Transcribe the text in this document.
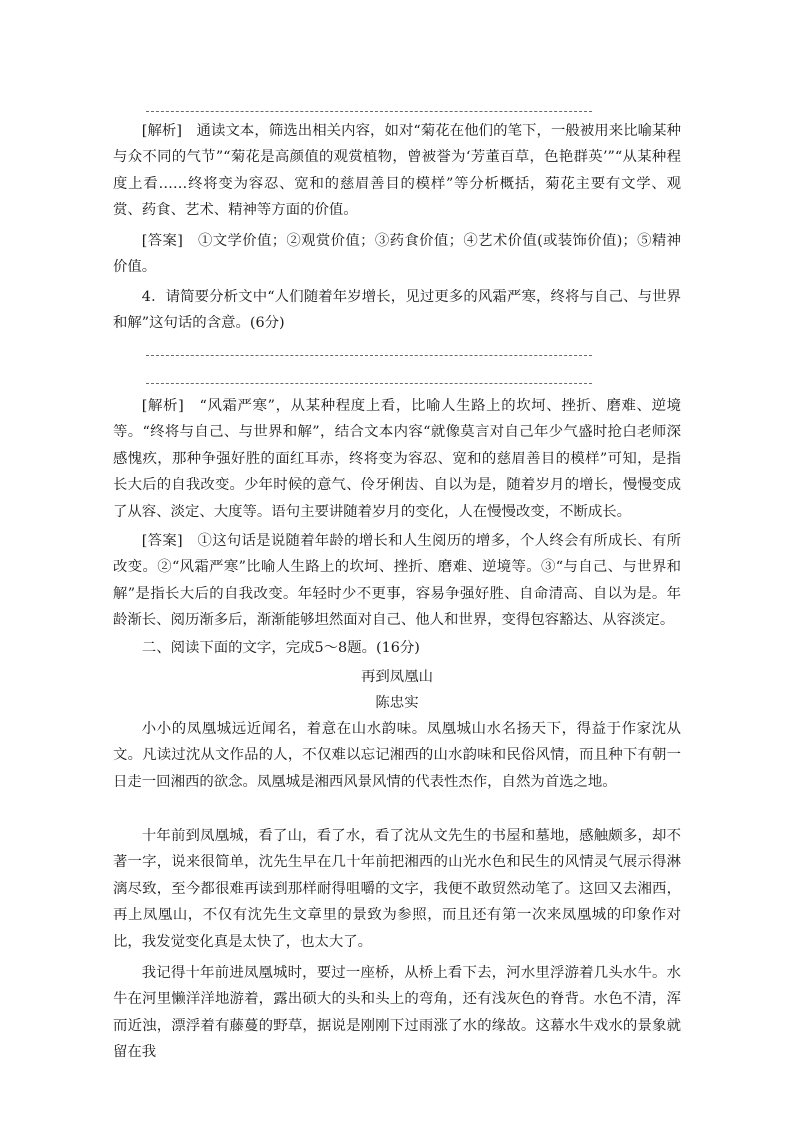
[解析]　通读文本，筛选出相关内容，如对“菊花在他们的笔下，一般被用来比喻某种与众不同的气节”“菊花是高颜值的观赏植物，曾被誉为‘芳董百草，色艳群英’”“从某种程度上看……终将变为容忍、宽和的慈眉善目的模样”等分析概括，菊花主要有文学、观赏、药食、艺术、精神等方面的价值。

[答案]　①文学价值；②观赏价值；③药食价值；④艺术价值(或装饰价值)；⑤精神价值。

4．请简要分析文中“人们随着年岁增长，见过更多的风霜严寒，终将与自己、与世界和解”这句话的含意。(6分)

[解析]　“风霜严寒”，从某种程度上看，比喻人生路上的坎坷、挫折、磨难、逆境等。“终将与自己、与世界和解”，结合文本内容“就像莫言对自己年少气盛时抢白老师深感愧疚，那种争强好胜的面红耳赤，终将变为容忍、宽和的慈眉善目的模样”可知，是指长大后的自我改变。少年时候的意气、伶牙俐齿、自以为是，随着岁月的增长，慢慢变成了从容、淡定、大度等。语句主要讲随着岁月的变化，人在慢慢改变，不断成长。

[答案]　①这句话是说随着年龄的增长和人生阅历的增多，个人终会有所成长、有所改变。②“风霜严寒”比喻人生路上的坎坷、挫折、磨难、逆境等。③“与自己、与世界和解”是指长大后的自我改变。年轻时少不更事，容易争强好胜、自命清高、自以为是。年龄渐长、阅历渐多后，渐渐能够坦然面对自己、他人和世界，变得包容豁达、从容淡定。

二、阅读下面的文字，完成5～8题。(16分)

再到凤凰山

陈忠实

小小的凤凰城远近闻名，着意在山水韵味。凤凰城山水名扬天下，得益于作家沈从文。凡读过沈从文作品的人，不仅难以忘记湘西的山水韵味和民俗风情，而且种下有朝一日走一回湘西的欲念。凤凰城是湘西风景风情的代表性杰作，自然为首选之地。

十年前到凤凰城，看了山，看了水，看了沈从文先生的书屋和墓地，感触颇多，却不著一字，说来很简单，沈先生早在几十年前把湘西的山光水色和民生的风情灵气展示得淋漓尽致，至今都很难再读到那样耐得咀嚼的文字，我便不敢贸然动笔了。这回又去湘西，再上凤凰山，不仅有沈先生文章里的景致为参照，而且还有第一次来凤凰城的印象作对比，我发觉变化真是太快了，也太大了。

我记得十年前进凤凰城时，要过一座桥，从桥上看下去，河水里浮游着几头水牛。水牛在河里懒洋洋地游着，露出硕大的头和头上的弯角，还有浅灰色的脊背。水色不清，浑而近浊，漂浮着有藤蔓的野草，据说是刚刚下过雨涨了水的缘故。这幕水牛戏水的景象就留在我
